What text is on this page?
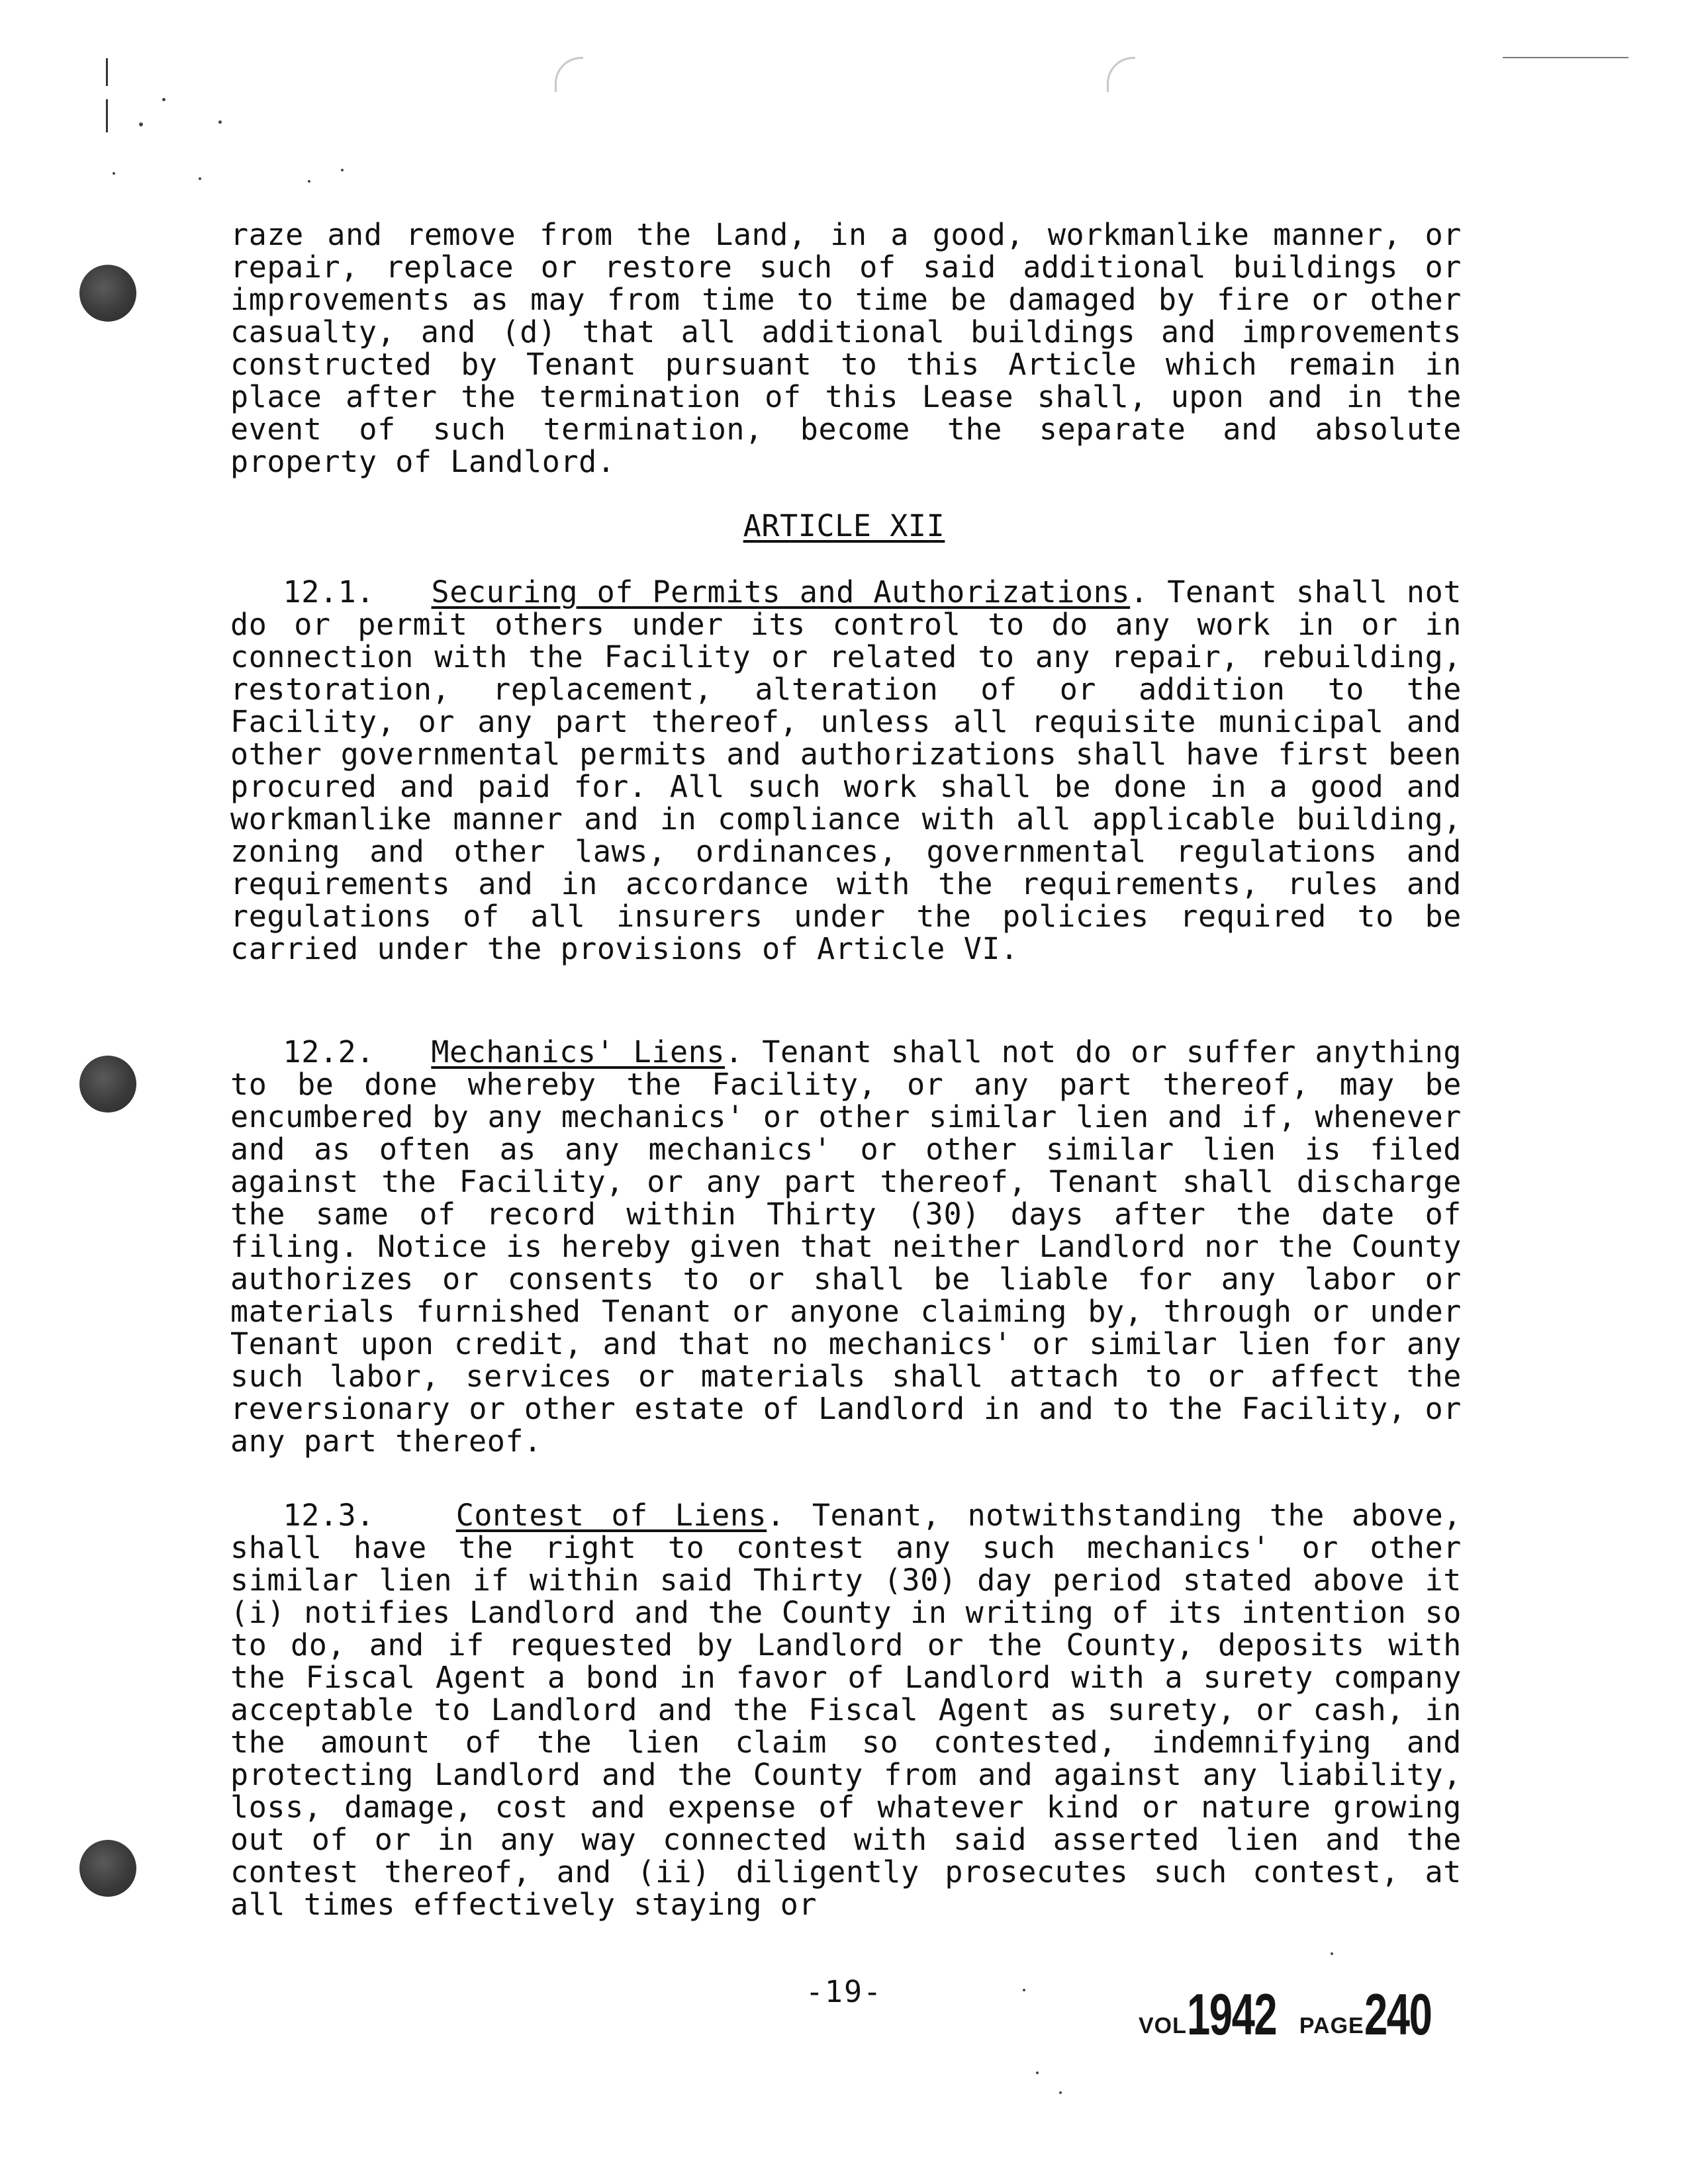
raze and remove from the Land, in a good, workmanlike manner, or repair, replace or restore such of said additional buildings or improvements as may from time to time be damaged by fire or other casualty, and (d) that all additional buildings and improvements constructed by Tenant pursuant to this Article which remain in place after the termination of this Lease shall, upon and in the event of such termination, become the separate and absolute property of Landlord.
ARTICLE XII
12.1. Securing of Permits and Authorizations. Tenant shall not do or permit others under its control to do any work in or in connection with the Facility or related to any repair, rebuilding, restoration, replacement, alteration of or addition to the Facility, or any part thereof, unless all requisite municipal and other governmental permits and authorizations shall have first been procured and paid for. All such work shall be done in a good and workmanlike manner and in compliance with all applicable building, zoning and other laws, ordinances, governmental regulations and requirements and in accordance with the requirements, rules and regulations of all insurers under the policies required to be carried under the provisions of Article VI.
12.2. Mechanics' Liens. Tenant shall not do or suffer anything to be done whereby the Facility, or any part thereof, may be encumbered by any mechanics' or other similar lien and if, whenever and as often as any mechanics' or other similar lien is filed against the Facility, or any part thereof, Tenant shall discharge the same of record within Thirty (30) days after the date of filing. Notice is hereby given that neither Landlord nor the County authorizes or consents to or shall be liable for any labor or materials furnished Tenant or anyone claiming by, through or under Tenant upon credit, and that no mechanics' or similar lien for any such labor, services or materials shall attach to or affect the reversionary or other estate of Landlord in and to the Facility, or any part thereof.
12.3.	Contest of Liens. Tenant, notwithstanding the above, shall have the right to contest any such mechanics' or other similar lien if within said Thirty (30) day period stated above it (i) notifies Landlord and the County in writing of its intention so to do, and if requested by Landlord or the County, deposits with the Fiscal Agent a bond in favor of Landlord with a surety company acceptable to Landlord and the Fiscal Agent as surety, or cash, in the amount of the lien claim so contested, indemnifying and protecting Landlord and the County from and against any liability, loss, damage, cost and expense of whatever kind or nature growing out of or in any way connected with said asserted lien and the contest thereof, and (ii) diligently prosecutes such contest, at all times effectively staying or
-19-
VOL 1942	PAGE 240
